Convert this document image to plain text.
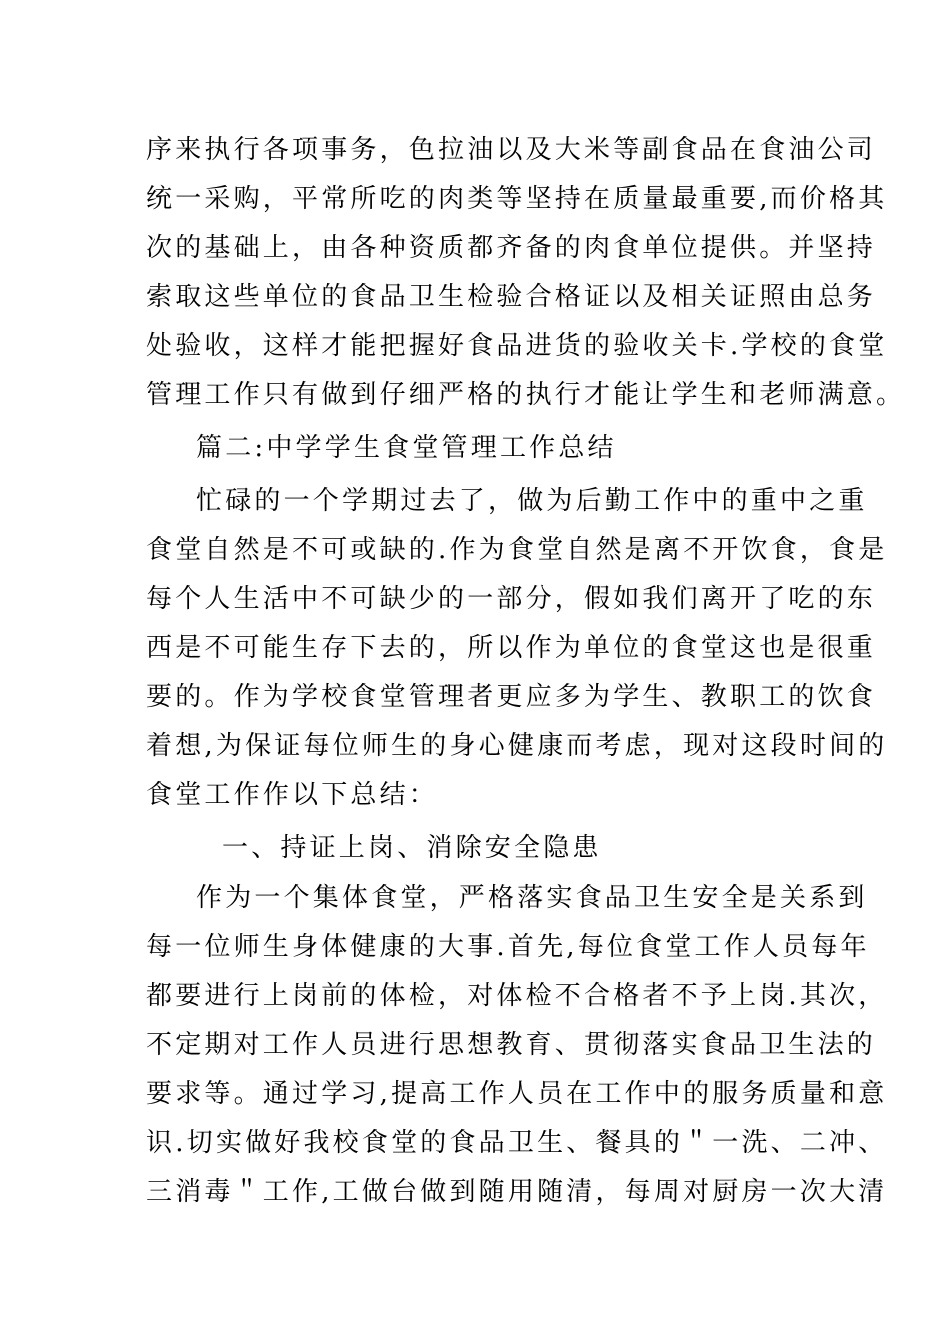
序来执行各项事务，色拉油以及大米等副食品在食油公司
统一采购，平常所吃的肉类等坚持在质量最重要,而价格其
次的基础上，由各种资质都齐备的肉食单位提供。并坚持
索取这些单位的食品卫生检验合格证以及相关证照由总务
处验收，这样才能把握好食品进货的验收关卡.学校的食堂
管理工作只有做到仔细严格的执行才能让学生和老师满意。
篇二:中学学生食堂管理工作总结
忙碌的一个学期过去了，做为后勤工作中的重中之重
食堂自然是不可或缺的.作为食堂自然是离不开饮食，食是
每个人生活中不可缺少的一部分，假如我们离开了吃的东
西是不可能生存下去的，所以作为单位的食堂这也是很重
要的。作为学校食堂管理者更应多为学生、教职工的饮食
着想,为保证每位师生的身心健康而考虑，现对这段时间的
食堂工作作以下总结：
一、持证上岗、消除安全隐患
作为一个集体食堂，严格落实食品卫生安全是关系到
每一位师生身体健康的大事.首先,每位食堂工作人员每年
都要进行上岗前的体检，对体检不合格者不予上岗.其次，
不定期对工作人员进行思想教育、贯彻落实食品卫生法的
要求等。通过学习,提高工作人员在工作中的服务质量和意
识.切实做好我校食堂的食品卫生、餐具的＂一洗、二冲、
三消毒＂工作,工做台做到随用随清，每周对厨房一次大清
